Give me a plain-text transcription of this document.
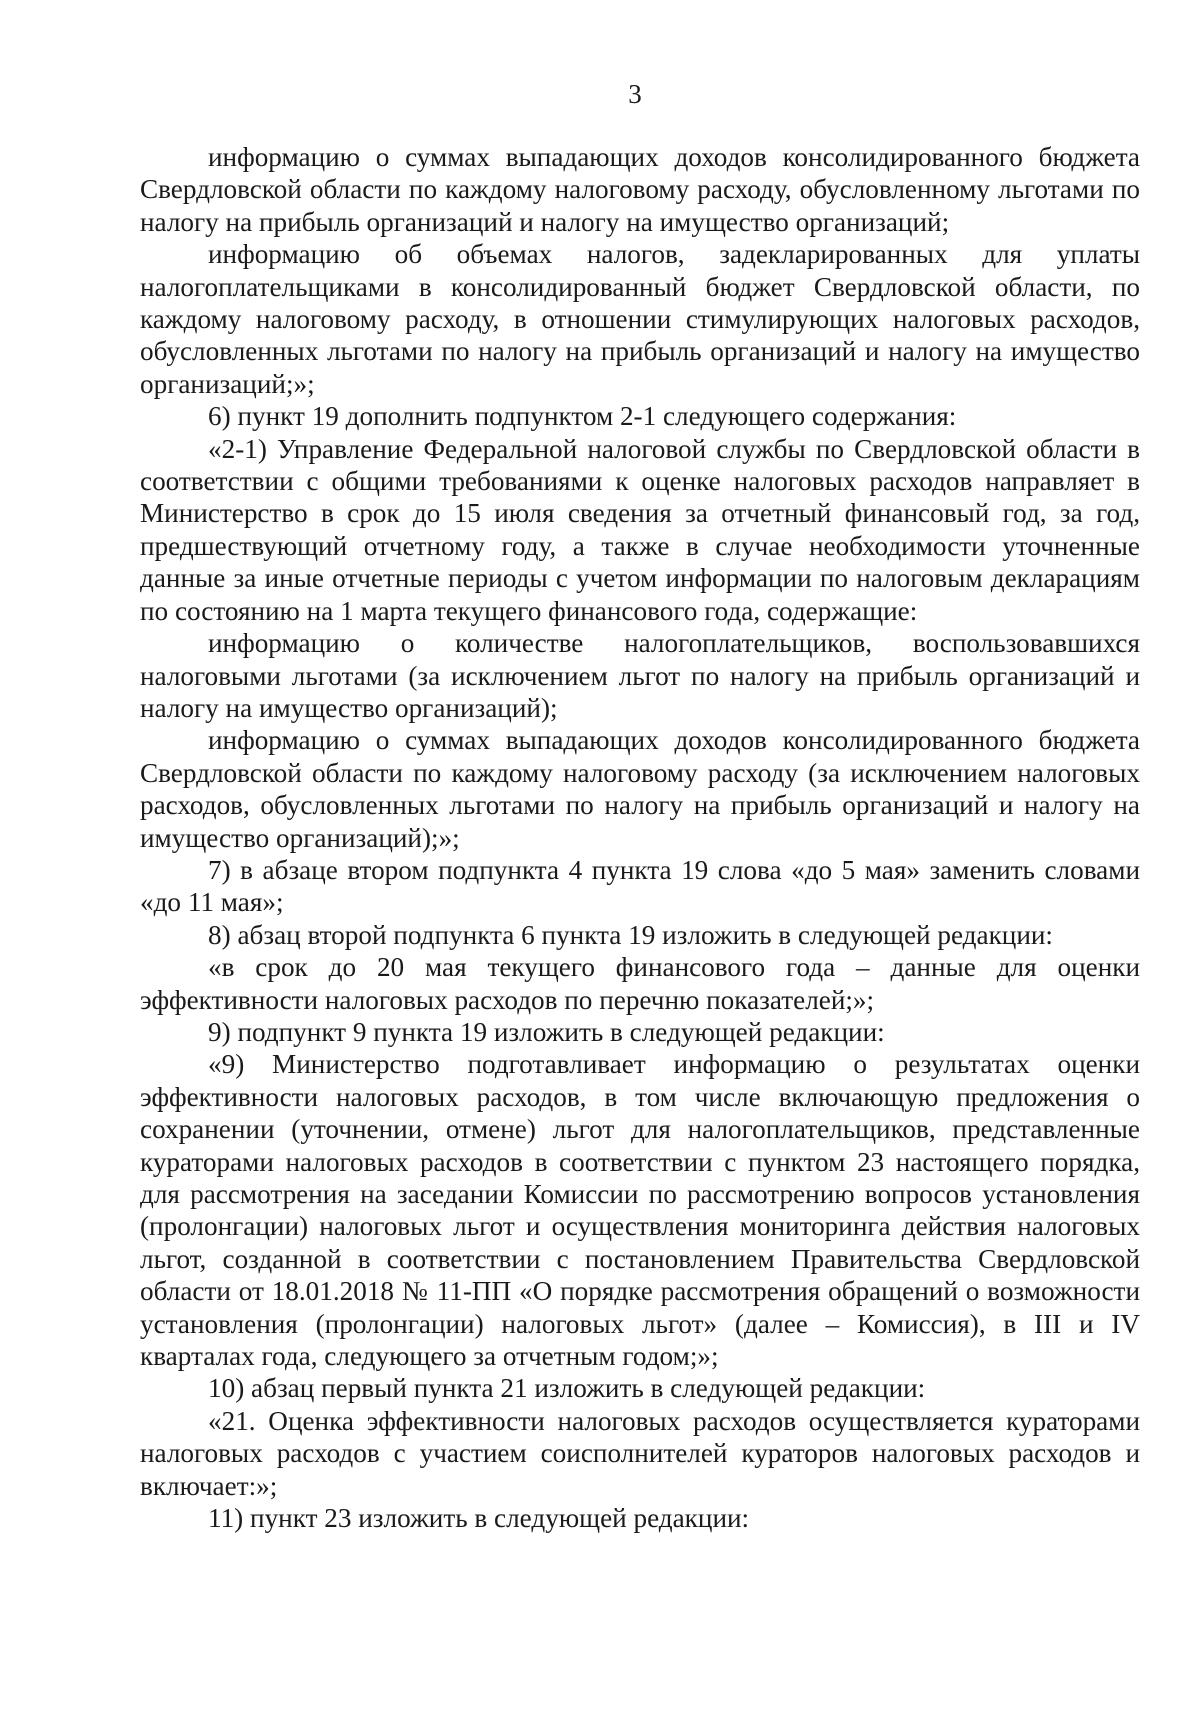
3

информацию о суммах выпадающих доходов консолидированного бюджета Свердловской области по каждому налоговому расходу, обусловленному льготами по налогу на прибыль организаций и налогу на имущество организаций;

информацию об объемах налогов, задекларированных для уплаты налогоплательщиками в консолидированный бюджет Свердловской области, по каждому налоговому расходу, в отношении стимулирующих налоговых расходов, обусловленных льготами по налогу на прибыль организаций и налогу на имущество организаций;»;

6) пункт 19 дополнить подпунктом 2-1 следующего содержания:

«2-1) Управление Федеральной налоговой службы по Свердловской области в соответствии с общими требованиями к оценке налоговых расходов направляет в Министерство в срок до 15 июля сведения за отчетный финансовый год, за год, предшествующий отчетному году, а также в случае необходимости уточненные данные за иные отчетные периоды с учетом информации по налоговым декларациям по состоянию на 1 марта текущего финансового года, содержащие:

информацию о количестве налогоплательщиков, воспользовавшихся налоговыми льготами (за исключением льгот по налогу на прибыль организаций и налогу на имущество организаций);

информацию о суммах выпадающих доходов консолидированного бюджета Свердловской области по каждому налоговому расходу (за исключением налоговых расходов, обусловленных льготами по налогу на прибыль организаций и налогу на имущество организаций);»;

7) в абзаце втором подпункта 4 пункта 19 слова «до 5 мая» заменить словами «до 11 мая»;

8) абзац второй подпункта 6 пункта 19 изложить в следующей редакции:

«в срок до 20 мая текущего финансового года – данные для оценки эффективности налоговых расходов по перечню показателей;»;

9) подпункт 9 пункта 19 изложить в следующей редакции:

«9) Министерство подготавливает информацию о результатах оценки эффективности налоговых расходов, в том числе включающую предложения о сохранении (уточнении, отмене) льгот для налогоплательщиков, представленные кураторами налоговых расходов в соответствии с пунктом 23 настоящего порядка, для рассмотрения на заседании Комиссии по рассмотрению вопросов установления (пролонгации) налоговых льгот и осуществления мониторинга действия налоговых льгот, созданной в соответствии с постановлением Правительства Свердловской области от 18.01.2018 № 11-ПП «О порядке рассмотрения обращений о возможности установления (пролонгации) налоговых льгот» (далее – Комиссия), в III и IV кварталах года, следующего за отчетным годом;»;

10) абзац первый пункта 21 изложить в следующей редакции:

«21. Оценка эффективности налоговых расходов осуществляется кураторами налоговых расходов с участием соисполнителей кураторов налоговых расходов и включает:»;

11) пункт 23 изложить в следующей редакции:
